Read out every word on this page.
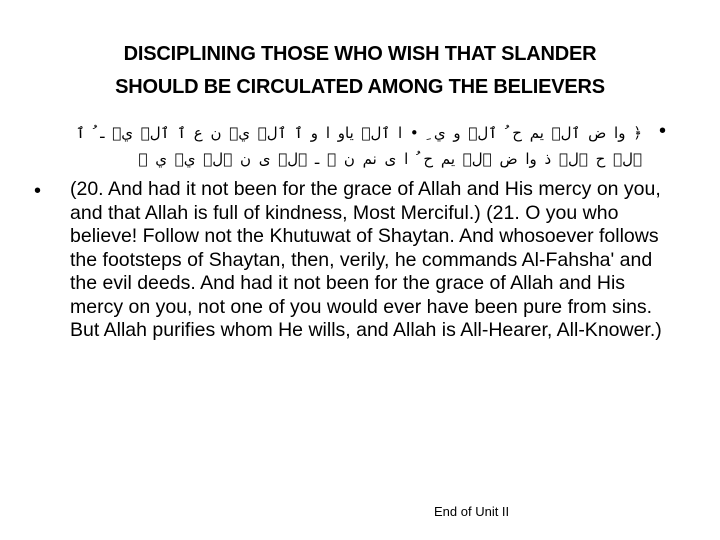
DISCIPLINING THOSE WHO WISH THAT SLANDER
SHOULD BE CIRCULATED AMONG THE BELIEVERS
•
﴿ وا ض ٱلۡ يم ح ُ ٱلۡ و ي ِ • ا ٱلۡ یاو ا و ٱ ٱلۡ يۡ ن ع ٱ ٱلۡ يۡ ـ ُ ٱ
ٱلۡ ح ٱلۡ ذ وا ض ٱلۡ يم ح ُ ا ی نم ن ٱ ـ ٱلۡ ی ن ٱلۡ يۡ ي ﴾
•	(20. And had it not been for the grace of Allah and His mercy on you, and that Allah is full of kindness, Most Merciful.) (21. O you who believe! Follow not the Khutuwat of Shaytan. And whosoever follows the footsteps of Shaytan, then, verily, he commands Al-Fahsha' and the evil deeds. And had it not been for the grace of Allah and His mercy on you, not one of you would ever have been pure from sins. But Allah purifies whom He wills, and Allah is All-Hearer, All-Knower.)
End of Unit II
